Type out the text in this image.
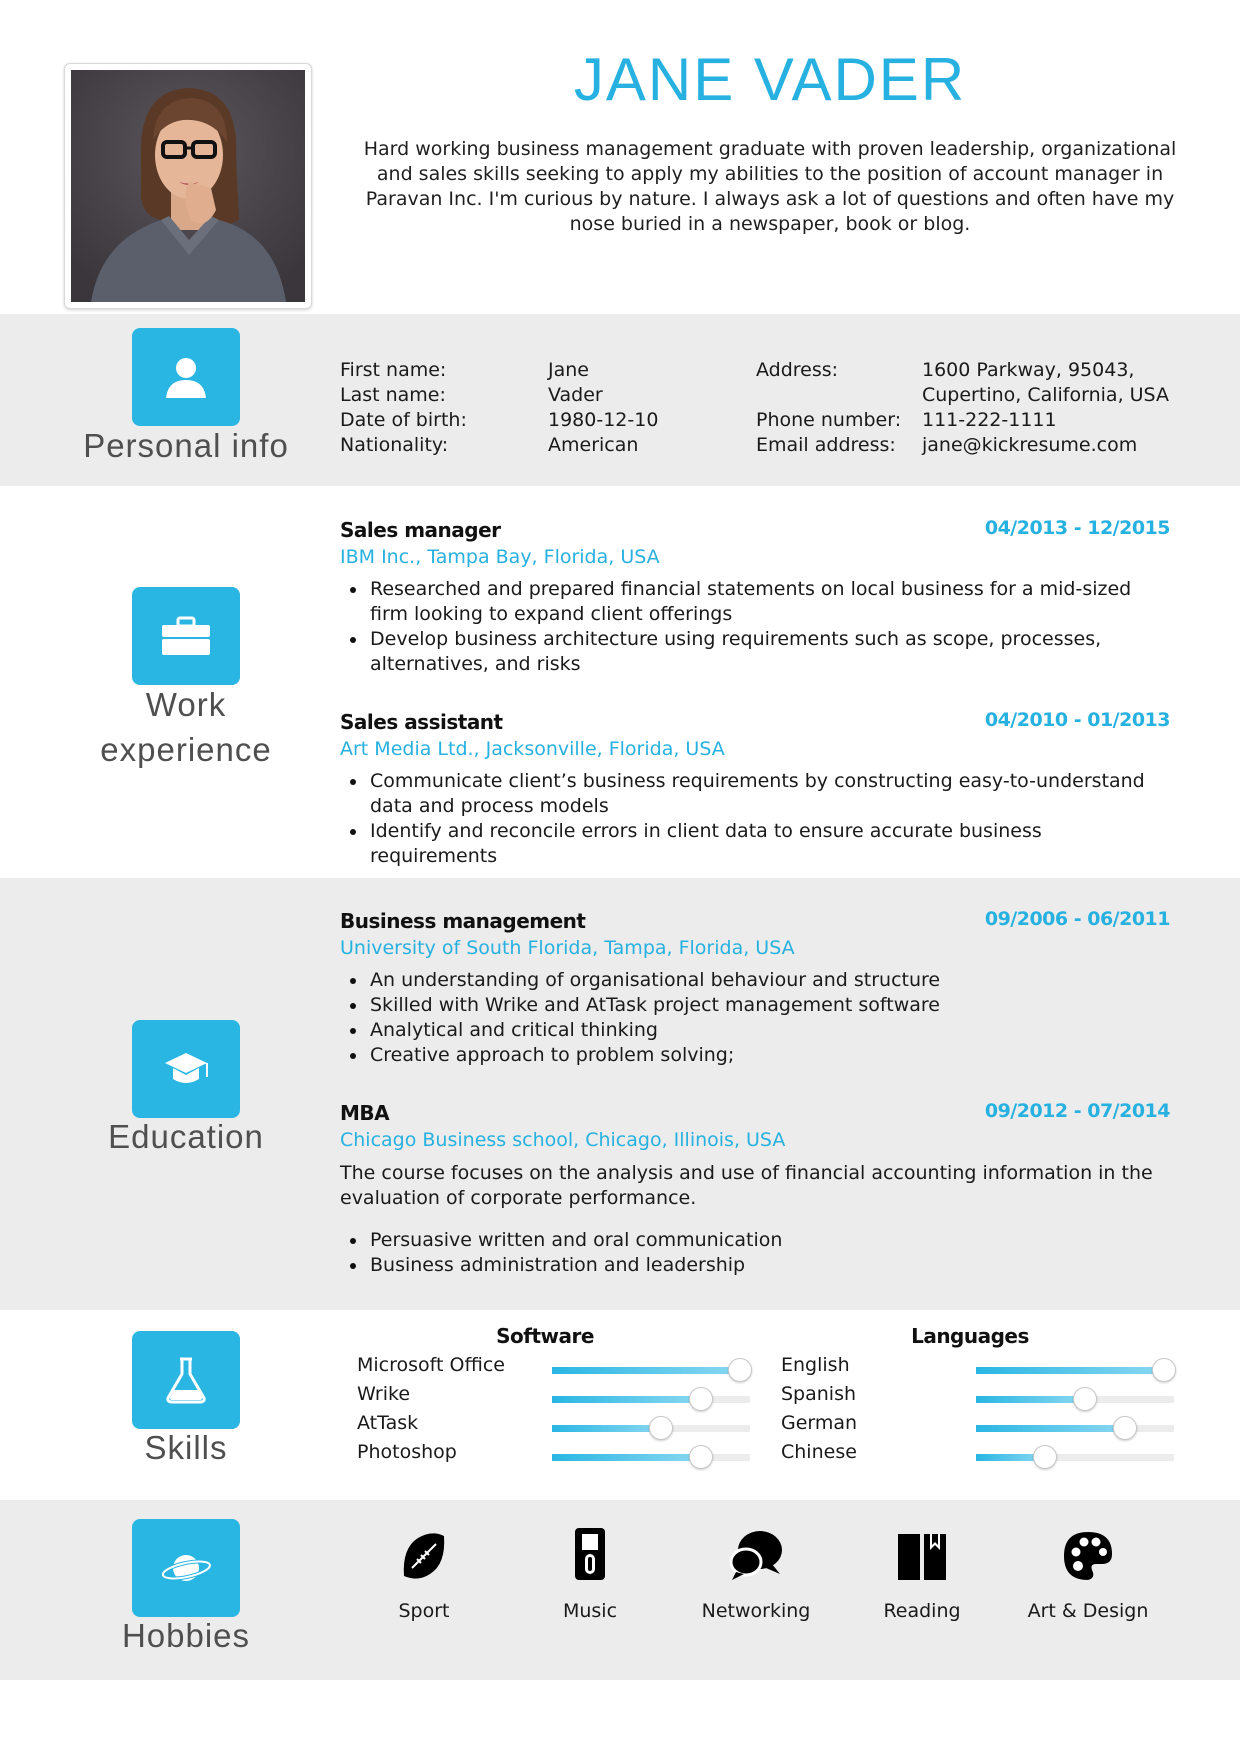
JANE VADER
Hard working business management graduate with proven leadership, organizational and sales skills seeking to apply my abilities to the position of account manager in Paravan Inc. I'm curious by nature. I always ask a lot of questions and often have my nose buried in a newspaper, book or blog.
Personal info
First name:	Jane
Last name:	Vader
Date of birth:	1980-12-10
Nationality:	American
Address:	1600 Parkway, 95043,
Cupertino, California, USA
Phone number: 111-222-1111
Email address: jane@kickresume.com
Work
experience
Sales manager	04/2013 - 12/2015
IBM Inc., Tampa Bay, Florida, USA
Researched and prepared financial statements on local business for a mid-sized firm looking to expand client offerings
Develop business architecture using requirements such as scope, processes, alternatives, and risks
Sales assistant	04/2010 - 01/2013
Art Media Ltd., Jacksonville, Florida, USA
Communicate client’s business requirements by constructing easy-to-understand data and process models
Identify and reconcile errors in client data to ensure accurate business requirements
Education
Business management	09/2006 - 06/2011
University of South Florida, Tampa, Florida, USA
An understanding of organisational behaviour and structure
Skilled with Wrike and AtTask project management software
Analytical and critical thinking
Creative approach to problem solving;
MBA	09/2012 - 07/2014
Chicago Business school, Chicago, Illinois, USA
The course focuses on the analysis and use of financial accounting information in the evaluation of corporate performance.
Persuasive written and oral communication
Business administration and leadership
Skills
Software	Languages
Microsoft Office
Wrike
AtTask
Photoshop
English
Spanish
German
Chinese
Hobbies
Sport	Music	Networking	Reading	Art & Design
